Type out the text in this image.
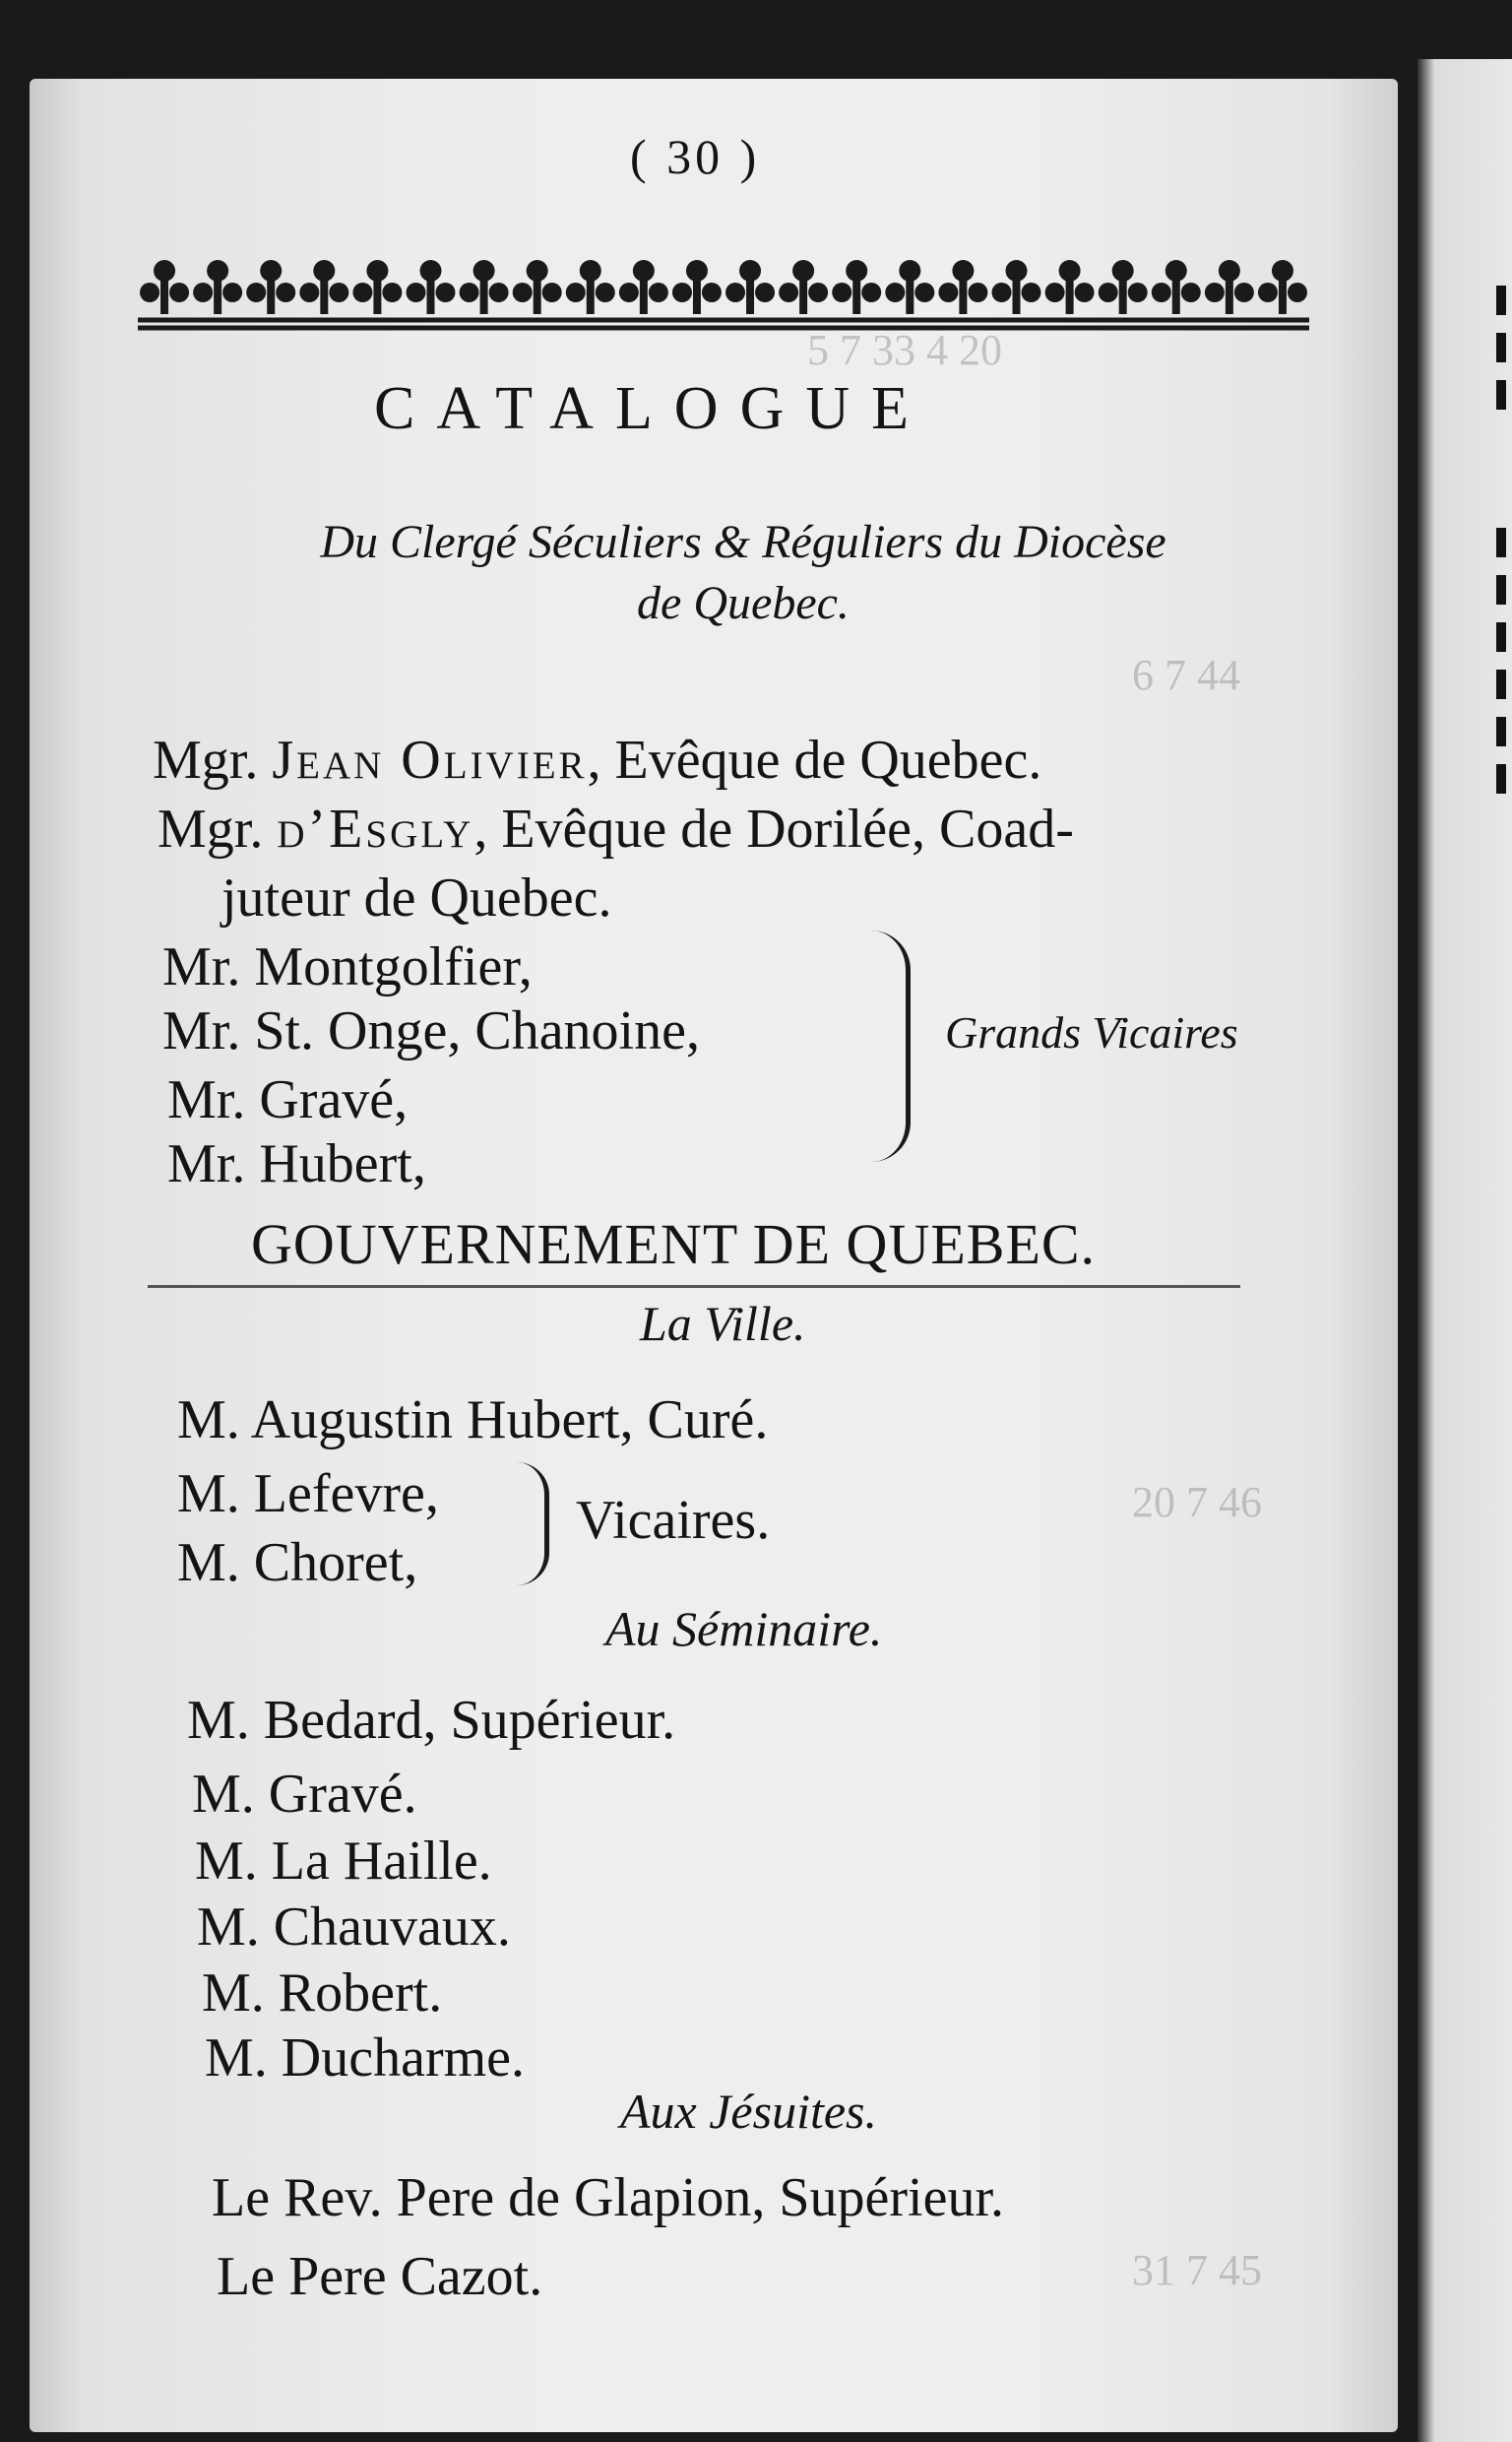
5 7 33 4 20
6 7 44
20 7 46
31 7 45
( 30 )
CATALOGUE
Du Clergé Séculiers & Réguliers du Diocèse
de Quebec.
Mgr. Jean Olivier, Evêque de Quebec.
Mgr. d’Esgly, Evêque de Dorilée, Coad-
juteur de Quebec.
Mr. Montgolfier,
Mr. St. Onge, Chanoine,
Mr. Gravé,
Mr. Hubert,
Grands Vicaires
GOUVERNEMENT DE QUEBEC.
La Ville.
M. Augustin Hubert, Curé.
M. Lefevre,
M. Choret,
Vicaires.
Au Séminaire.
M. Bedard, Supérieur.
M. Gravé.
M. La Haille.
M. Chauvaux.
M. Robert.
M. Ducharme.
Aux Jésuites.
Le Rev. Pere de Glapion, Supérieur.
Le Pere Cazot.
